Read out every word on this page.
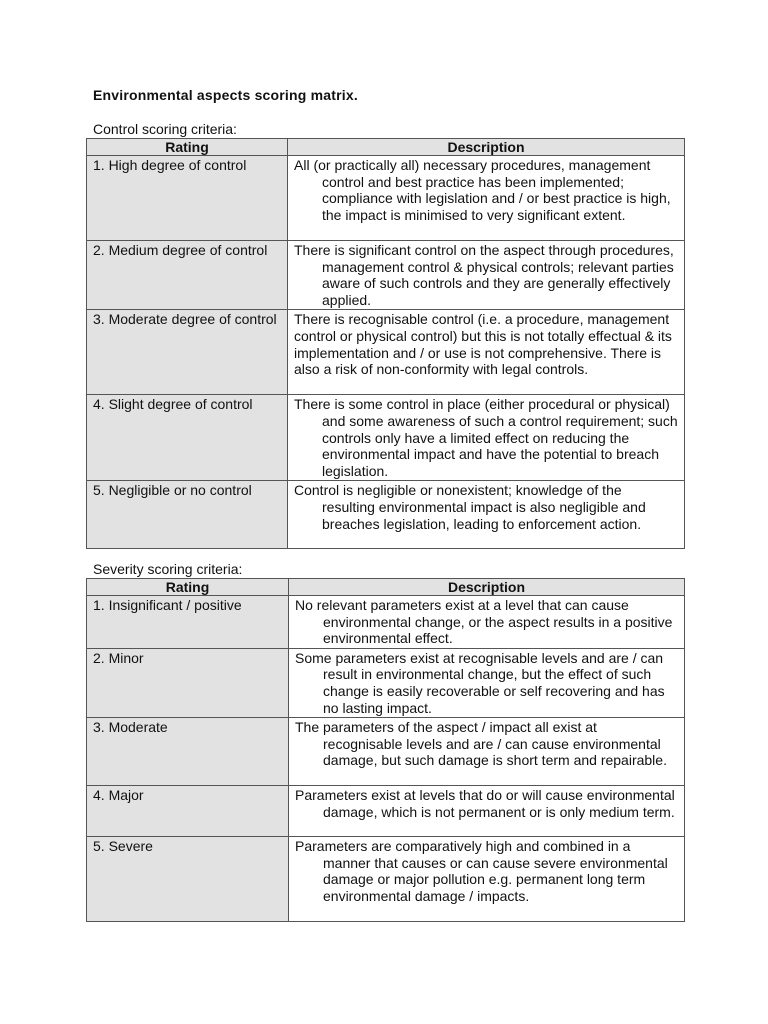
Environmental aspects scoring matrix.
Control scoring criteria:
Rating	Description

1. High degree of control	All (or practically all) necessary procedures, management control and best practice has been implemented; compliance with legislation and / or best practice is high, the impact is minimised to very significant extent.

2. Medium degree of control	There is significant control on the aspect through procedures, management control & physical controls; relevant parties aware of such controls and they are generally effectively applied.

3. Moderate degree of control	There is recognisable control (i.e. a procedure, management control or physical control) but this is not totally effectual & its implementation and / or use is not comprehensive. There is also a risk of non-conformity with legal controls.

4. Slight degree of control	There is some control in place (either procedural or physical) and some awareness of such a control requirement; such controls only have a limited effect on reducing the environmental impact and have the potential to breach legislation.

5. Negligible or no control	Control is negligible or nonexistent; knowledge of the resulting environmental impact is also negligible and breaches legislation, leading to enforcement action.
Severity scoring criteria:
Rating	Description

1. Insignificant / positive	No relevant parameters exist at a level that can cause environmental change, or the aspect results in a positive environmental effect.

2. Minor	Some parameters exist at recognisable levels and are / can result in environmental change, but the effect of such change is easily recoverable or self recovering and has no lasting impact.

3. Moderate	The parameters of the aspect / impact all exist at recognisable levels and are / can cause environmental damage, but such damage is short term and repairable.

4. Major	Parameters exist at levels that do or will cause environmental damage, which is not permanent or is only medium term.

5. Severe	Parameters are comparatively high and combined in a manner that causes or can cause severe environmental damage or major pollution e.g. permanent long term environmental damage / impacts.
